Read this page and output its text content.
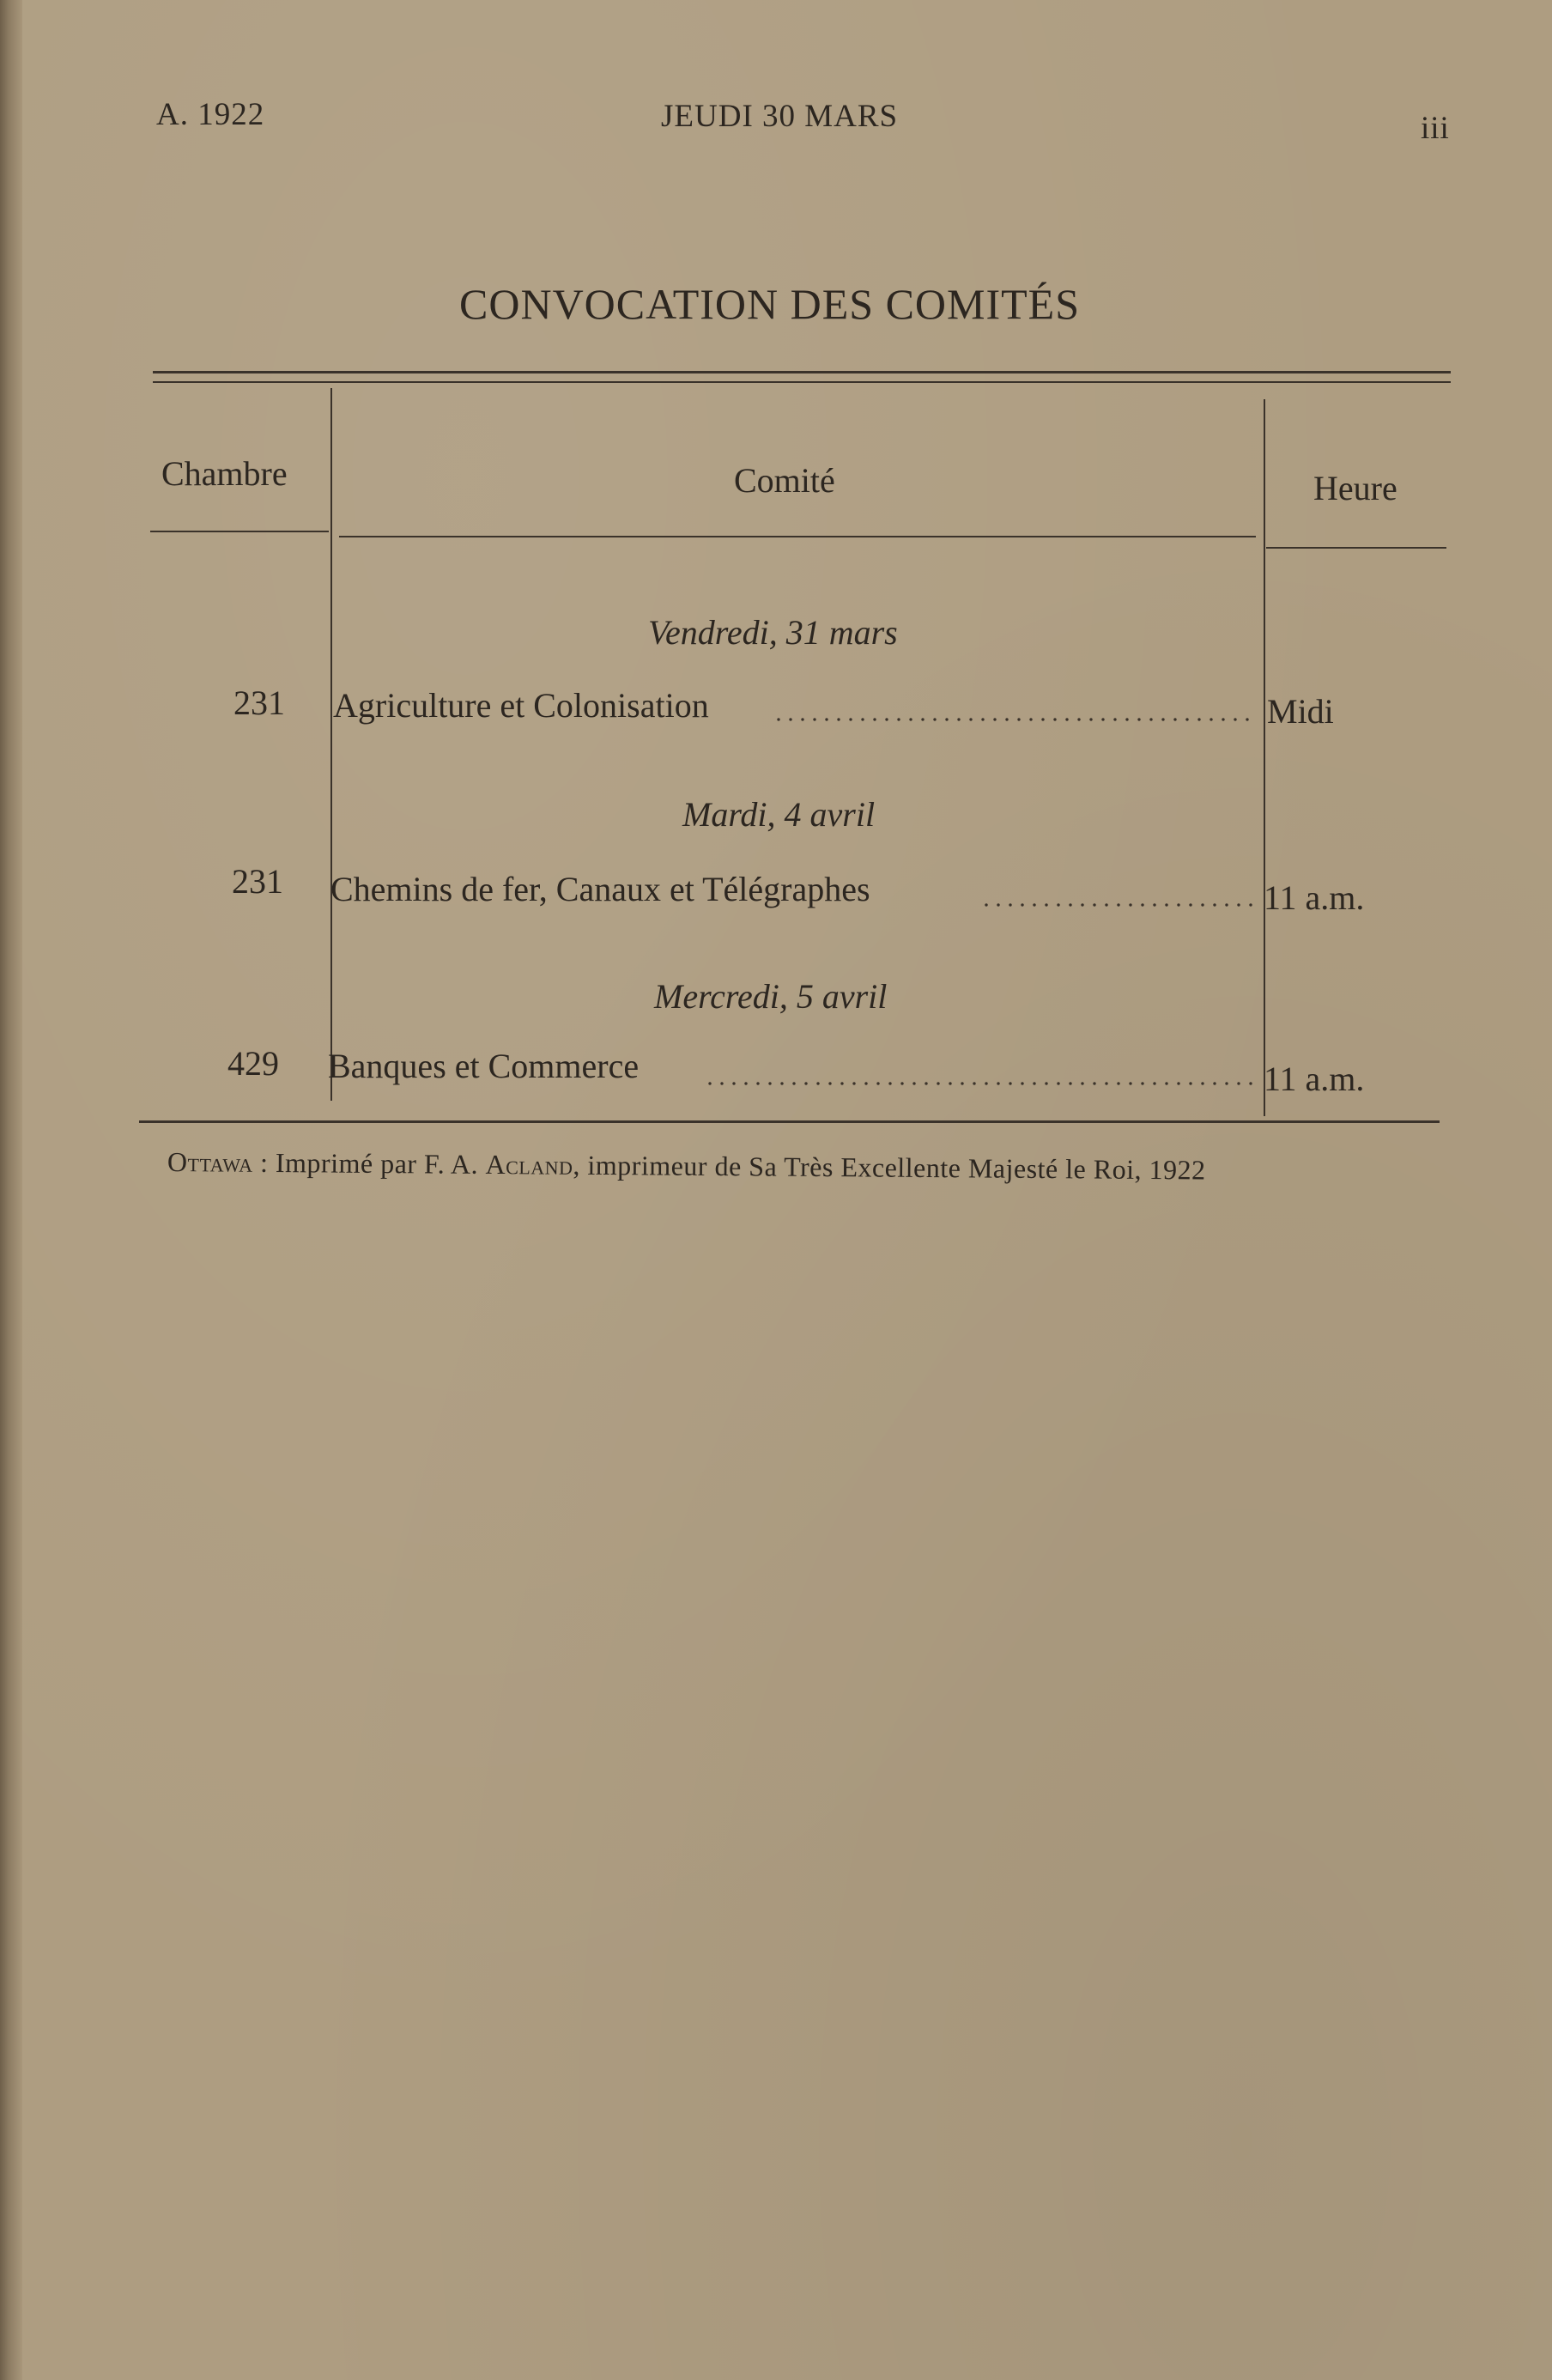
A. 1922	JEUDI 30 MARS	iii
CONVOCATION DES COMITÉS
Chambre	Comité	Heure
Vendredi, 31 mars
231 Agriculture et Colonisation	Midi
Mardi, 4 avril
231 Chemins de fer, Canaux et Télégraphes	11 a.m.
Mercredi, 5 avril
429 Banques et Commerce	11 a.m.
Ottawa : Imprimé par F. A. Acland, imprimeur de Sa Très Excellente Majesté le Roi, 1922
